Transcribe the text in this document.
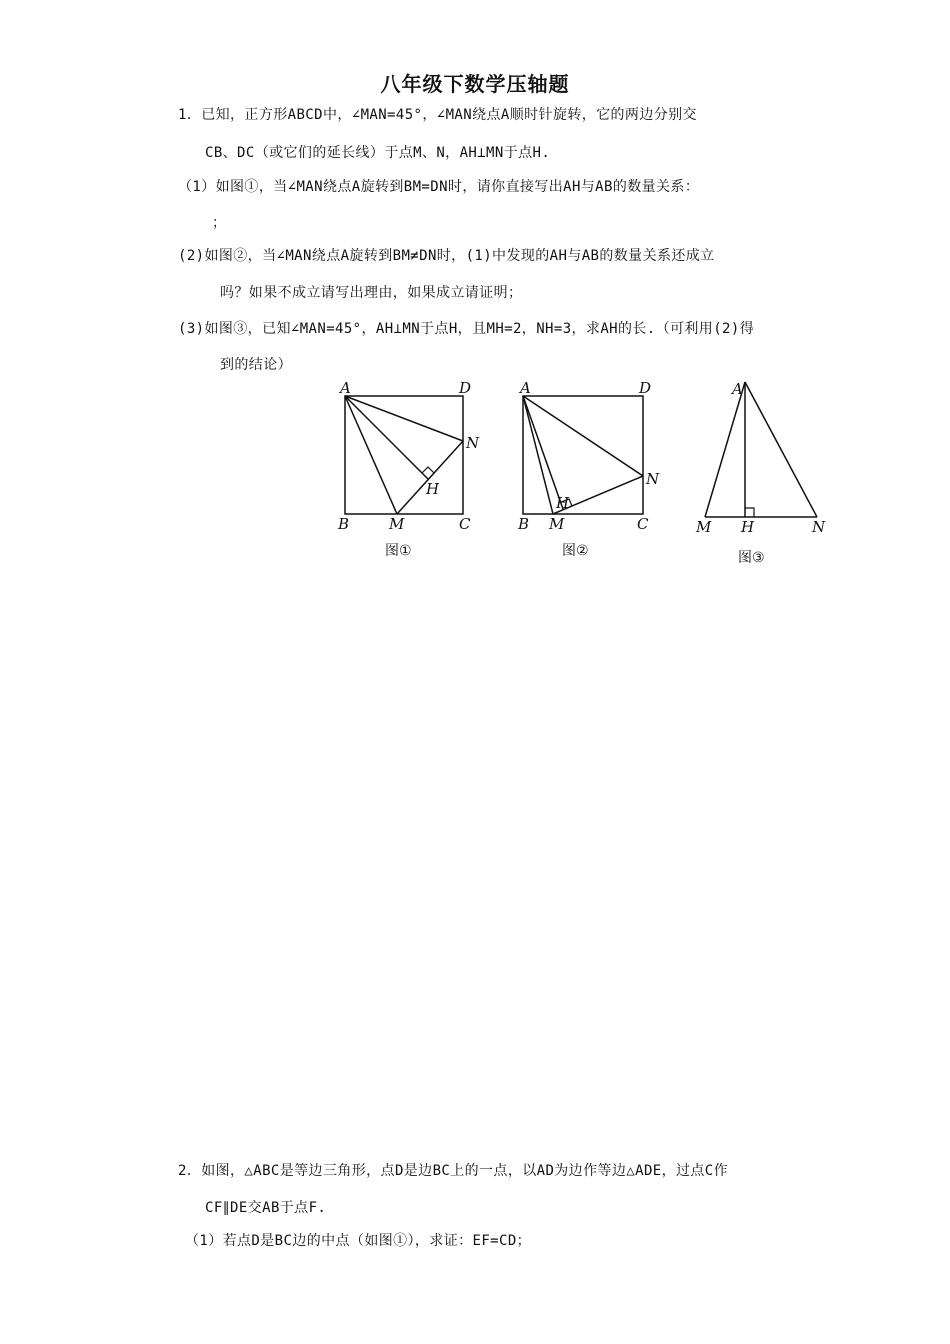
八年级下数学压轴题
1．已知，正方形ABCD中，∠MAN=45°，∠MAN绕点A顺时针旋转，它的两边分别交
CB、DC（或它们的延长线）于点M、N，AH⊥MN于点H.
（1）如图①，当∠MAN绕点A旋转到BM=DN时，请你直接写出AH与AB的数量关系：
；
(2)如图②，当∠MAN绕点A旋转到BM≠DN时，(1)中发现的AH与AB的数量关系还成立
吗？如果不成立请写出理由，如果成立请证明；
(3)如图③，已知∠MAN=45°，AH⊥MN于点H，且MH=2，NH=3，求AH的长.（可利用(2)得
到的结论）
A	D
N
H
B	M	C
图①
A	D
N
H
B M	C
图②
A
M H	N
图③
2．如图，△ABC是等边三角形，点D是边BC上的一点，以AD为边作等边△ADE，过点C作
CF∥DE交AB于点F.
（1）若点D是BC边的中点（如图①），求证：EF=CD；
